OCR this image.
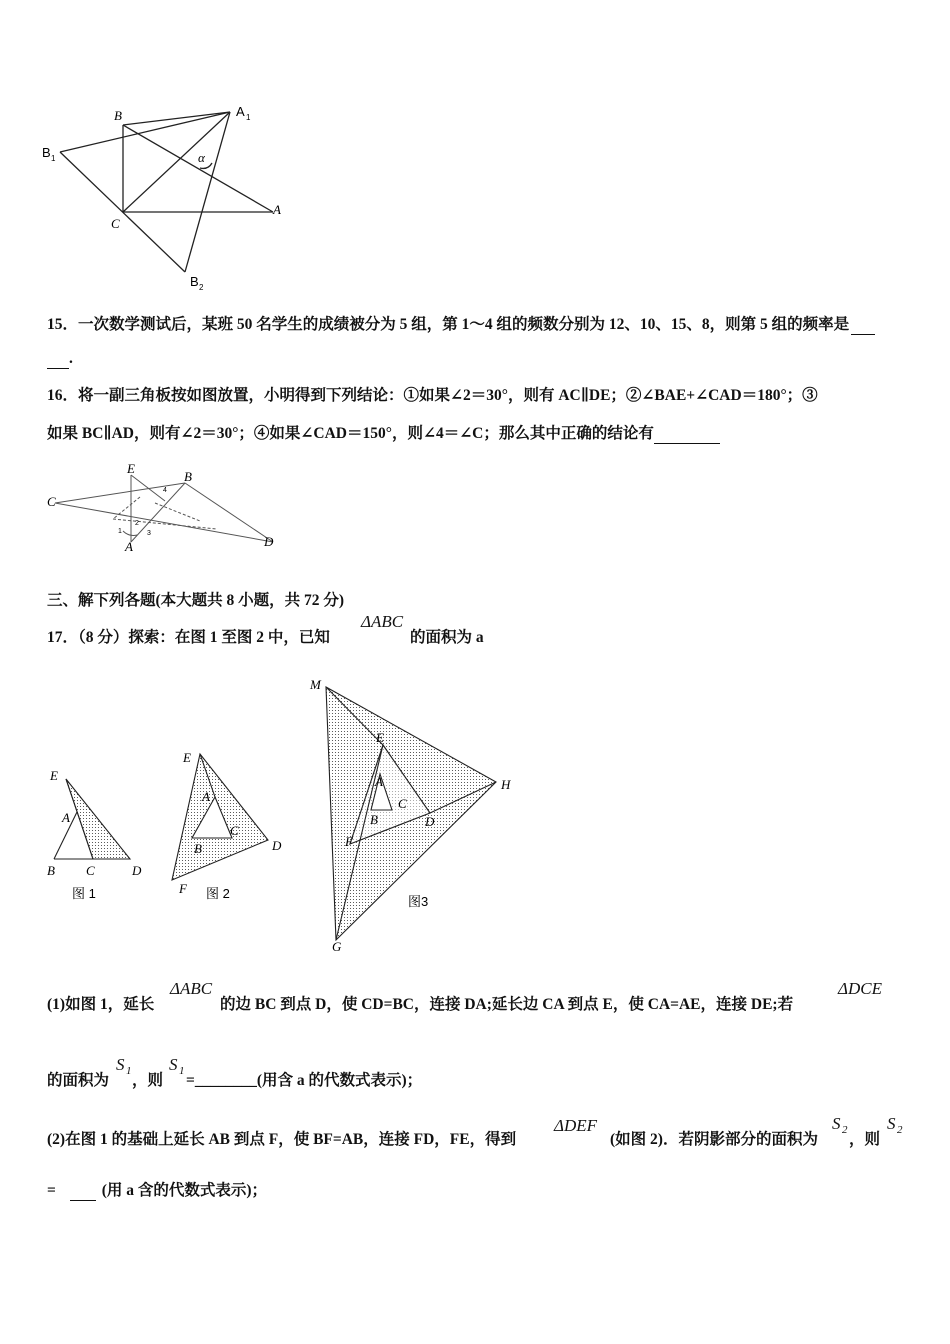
B	A 1
B 1	α
C
A
B 2
15．一次数学测试后，某班 50 名学生的成绩被分为 5 组，第 1～4 组的频数分别为 12、10、15、8，则第 5 组的频率是
.
16．将一副三角板按如图放置，小明得到下列结论：①如果∠2＝30°，则有 AC∥DE；②∠BAE+∠CAD＝180°；③
如果 BC∥AD，则有∠2＝30°；④如果∠CAD＝150°，则∠4＝∠C；那么其中正确的结论有
E
B
C
D
A
1
2
3
4
三、解下列各题(本大题共 8 小题，共 72 分)
17．（8 分）探索：在图 1 至图 2 中，已知
ΔABC
的面积为 a
E
A
B C	D
图 1
E
A
C
B	D
F 图 2
M
E
H
A
C
B	D
F
G
图3
(1)如图 1，延长
ΔABC
的边 BC 到点 D，使 CD=BC，连接 DA;延长边 CA 到点 E，使 CA=AE，连接 DE;若
ΔDCE
的面积为
S 1
，则
S 1
=________(用含 a 的代数式表示)；
(2)在图 1 的基础上延长 AB 到点 F，使 BF=AB，连接 FD，FE，得到
ΔDEF
(如图 2)．若阴影部分的面积为
S 2
，则
S 2
=	(用 a 含的代数式表示)；
